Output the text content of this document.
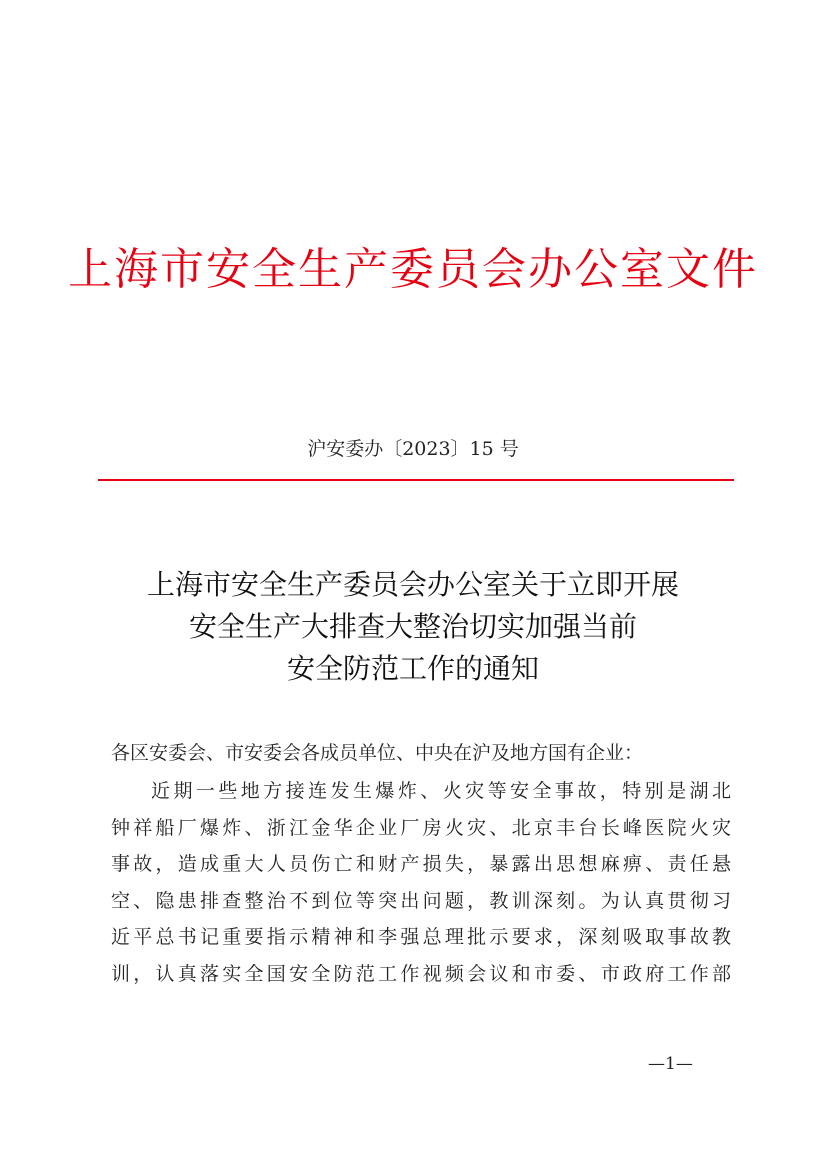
上海市安全生产委员会办公室文件
沪安委办〔2023〕15 号
上海市安全生产委员会办公室关于立即开展
安全生产大排查大整治切实加强当前
安全防范工作的通知
各区安委会、市安委会各成员单位、中央在沪及地方国有企业：
近期一些地方接连发生爆炸、火灾等安全事故，特别是湖北
钟祥船厂爆炸、浙江金华企业厂房火灾、北京丰台长峰医院火灾
事故，造成重大人员伤亡和财产损失，暴露出思想麻痹、责任悬
空、隐患排查整治不到位等突出问题，教训深刻。为认真贯彻习
近平总书记重要指示精神和李强总理批示要求，深刻吸取事故教
训，认真落实全国安全防范工作视频会议和市委、市政府工作部
—1—
